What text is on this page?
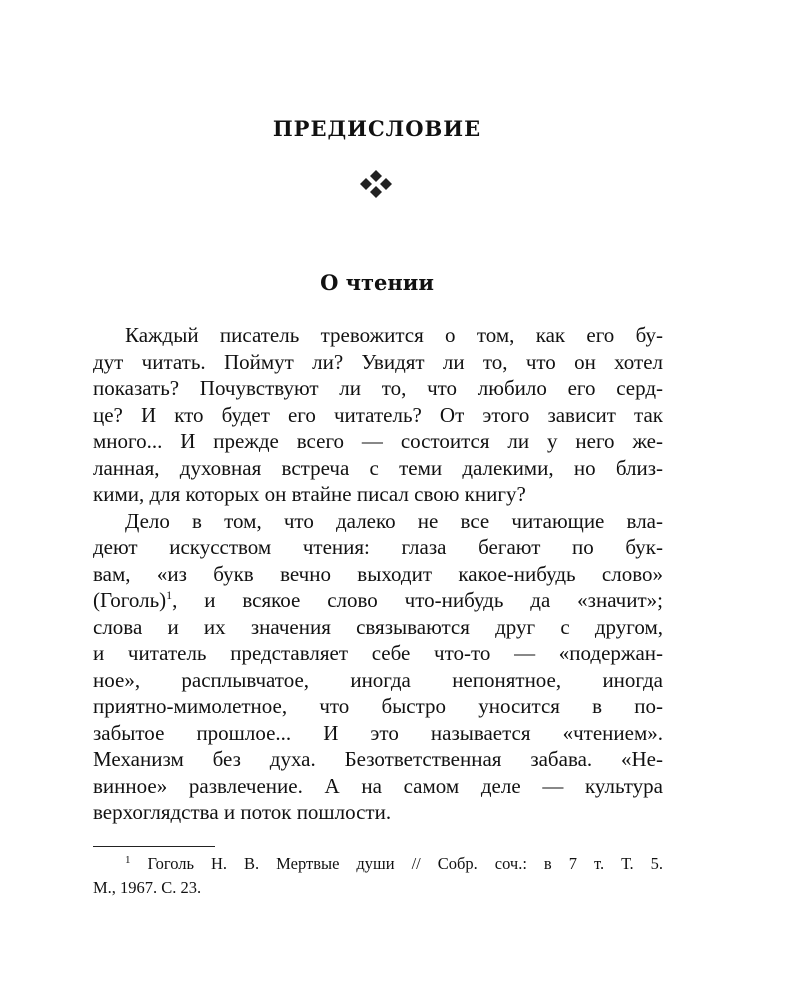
ПРЕДИСЛОВИЕ
О чтении
Каждый писатель тревожится о том, как его бу-
дут читать. Поймут ли? Увидят ли то, что он хотел
показать? Почувствуют ли то, что любило его серд-
це? И кто будет его читатель? От этого зависит так
много... И прежде всего — состоится ли у него же-
ланная, духовная встреча с теми далекими, но близ-
кими, для которых он втайне писал свою книгу?
Дело в том, что далеко не все читающие вла-
деют искусством чтения: глаза бегают по бук-
вам, «из букв вечно выходит какое-нибудь слово»
(Гоголь)$^1$, и всякое слово что-нибудь да «значит»;
слова и их значения связываются друг с другом,
и читатель представляет себе что-то — «подержан-
ное», расплывчатое, иногда непонятное, иногда
приятно-мимолетное, что быстро уносится в по-
забытое прошлое... И это называется «чтением».
Механизм без духа. Безответственная забава. «Не-
винное» развлечение. А на самом деле — культура
верхоглядства и поток пошлости.
$^1$ Гоголь Н. В. Мертвые души // Собр. соч.: в 7 т. Т. 5.
М., 1967. С. 23.
